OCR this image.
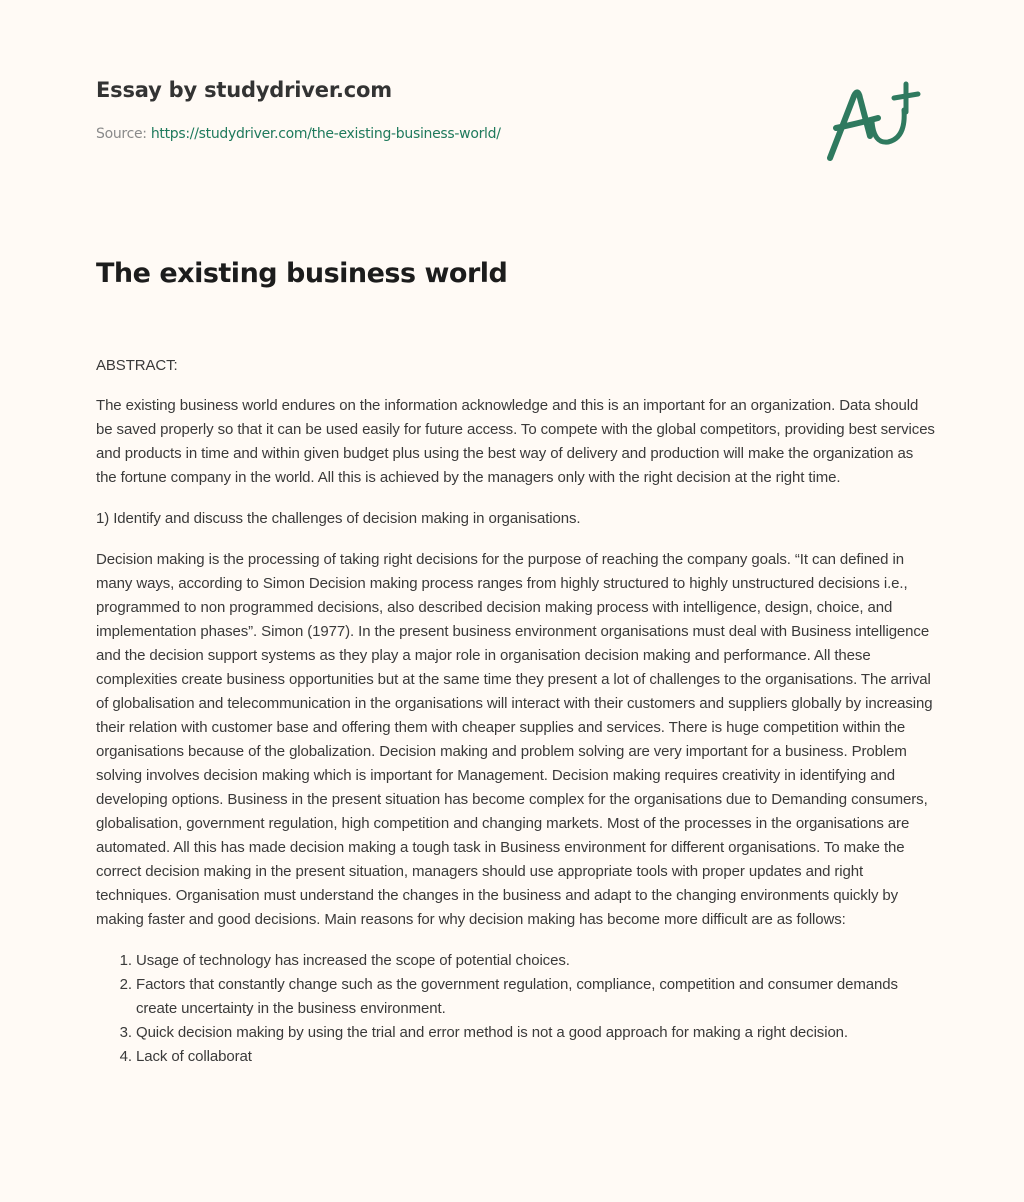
Essay by studydriver.com
Source: https://studydriver.com/the-existing-business-world/
The existing business world

ABSTRACT:

The existing business world endures on the information acknowledge and this is an important for an organization. Data should be saved properly so that it can be used easily for future access. To compete with the global competitors, providing best services and products in time and within given budget plus using the best way of delivery and production will make the organization as the fortune company in the world. All this is achieved by the managers only with the right decision at the right time.

1) Identify and discuss the challenges of decision making in organisations.

Decision making is the processing of taking right decisions for the purpose of reaching the company goals. “It can defined in many ways, according to Simon Decision making process ranges from highly structured to highly unstructured decisions i.e., programmed to non programmed decisions, also described decision making process with intelligence, design, choice, and implementation phases”. Simon (1977). In the present business environment organisations must deal with Business intelligence and the decision support systems as they play a major role in organisation decision making and performance. All these complexities create business opportunities but at the same time they present a lot of challenges to the organisations. The arrival of globalisation and telecommunication in the organisations will interact with their customers and suppliers globally by increasing their relation with customer base and offering them with cheaper supplies and services. There is huge competition within the organisations because of the globalization. Decision making and problem solving are very important for a business. Problem solving involves decision making which is important for Management. Decision making requires creativity in identifying and developing options. Business in the present situation has become complex for the organisations due to Demanding consumers, globalisation, government regulation, high competition and changing markets. Most of the processes in the organisations are automated. All this has made decision making a tough task in Business environment for different organisations. To make the correct decision making in the present situation, managers should use appropriate tools with proper updates and right techniques. Organisation must understand the changes in the business and adapt to the changing environments quickly by making faster and good decisions. Main reasons for why decision making has become more difficult are as follows:

1. Usage of technology has increased the scope of potential choices.
2. Factors that constantly change such as the government regulation, compliance, competition and consumer demands create uncertainty in the business environment.
3. Quick decision making by using the trial and error method is not a good approach for making a right decision.
4. Lack of collaborat
